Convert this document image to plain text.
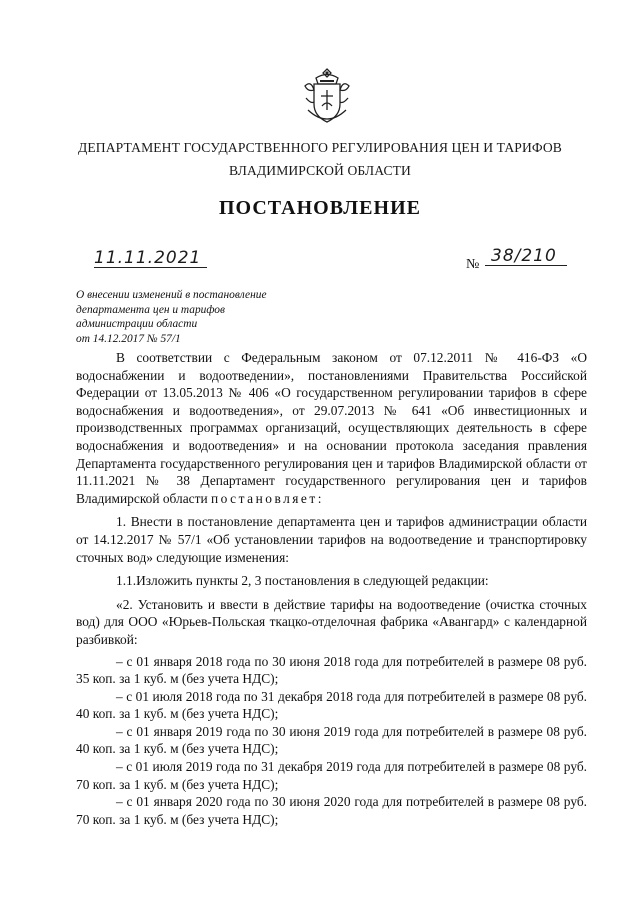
ДЕПАРТАМЕНТ ГОСУДАРСТВЕННОГО РЕГУЛИРОВАНИЯ ЦЕН И ТАРИФОВ
ВЛАДИМИРСКОЙ ОБЛАСТИ
ПОСТАНОВЛЕНИЕ
11.11.2021	№ 38/210
О внесении изменений в постановление
департамента цен и тарифов
администрации области
от 14.12.2017 № 57/1

В соответствии с Федеральным законом от 07.12.2011 № 416-ФЗ «О водоснабжении и водоотведении», постановлениями Правительства Российской Федерации от 13.05.2013 № 406 «О государственном регулировании тарифов в сфере водоснабжения и водоотведения», от 29.07.2013 № 641 «Об инвестиционных и производственных программах организаций, осуществляющих деятельность в сфере водоснабжения и водоотведения» и на основании протокола заседания правления Департамента государственного регулирования цен и тарифов Владимирской области от 11.11.2021 № 38 Департамент государственного регулирования цен и тарифов Владимирской области постановляет:

1. Внести в постановление департамента цен и тарифов администрации области от 14.12.2017 № 57/1 «Об установлении тарифов на водоотведение и транспортировку сточных вод» следующие изменения:

1.1.Изложить пункты 2, 3 постановления в следующей редакции:

«2. Установить и ввести в действие тарифы на водоотведение (очистка сточных вод) для ООО «Юрьев-Польская ткацко-отделочная фабрика «Авангард» с календарной разбивкой:

– с 01 января 2018 года по 30 июня 2018 года для потребителей в размере 08 руб. 35 коп. за 1 куб. м (без учета НДС);

– с 01 июля 2018 года по 31 декабря 2018 года для потребителей в размере 08 руб. 40 коп. за 1 куб. м (без учета НДС);

– с 01 января 2019 года по 30 июня 2019 года для потребителей в размере 08 руб. 40 коп. за 1 куб. м (без учета НДС);

– с 01 июля 2019 года по 31 декабря 2019 года для потребителей в размере 08 руб. 70 коп. за 1 куб. м (без учета НДС);

– с 01 января 2020 года по 30 июня 2020 года для потребителей в размере 08 руб. 70 коп. за 1 куб. м (без учета НДС);
